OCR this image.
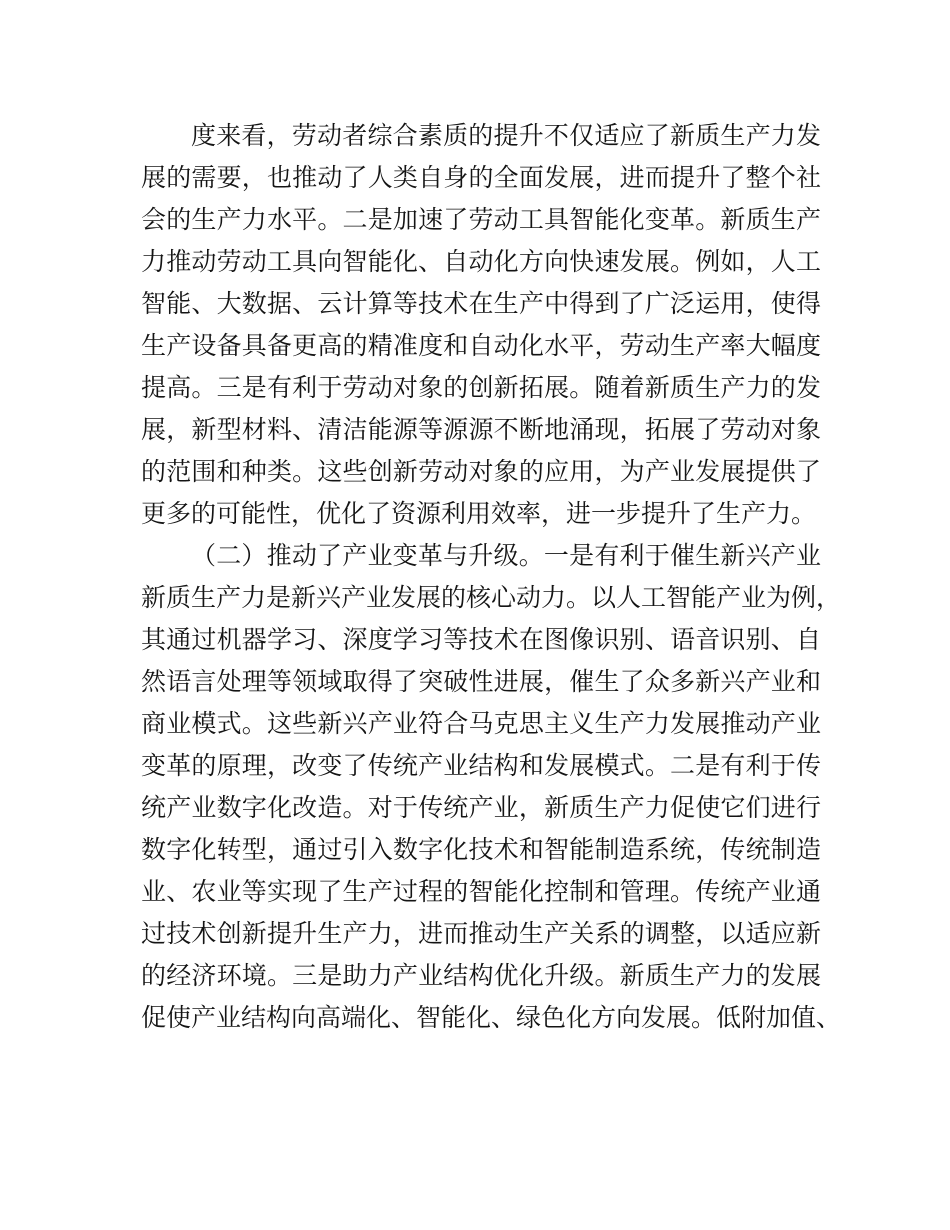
度来看，劳动者综合素质的提升不仅适应了新质生产力发
展的需要，也推动了人类自身的全面发展，进而提升了整个社
会的生产力水平。二是加速了劳动工具智能化变革。新质生产
力推动劳动工具向智能化、自动化方向快速发展。例如，人工
智能、大数据、云计算等技术在生产中得到了广泛运用，使得
生产设备具备更高的精准度和自动化水平，劳动生产率大幅度
提高。三是有利于劳动对象的创新拓展。随着新质生产力的发
展，新型材料、清洁能源等源源不断地涌现，拓展了劳动对象
的范围和种类。这些创新劳动对象的应用，为产业发展提供了
更多的可能性，优化了资源利用效率，进一步提升了生产力。
（二）推动了产业变革与升级。一是有利于催生新兴产业
新质生产力是新兴产业发展的核心动力。以人工智能产业为例，
其通过机器学习、深度学习等技术在图像识别、语音识别、自
然语言处理等领域取得了突破性进展，催生了众多新兴产业和
商业模式。这些新兴产业符合马克思主义生产力发展推动产业
变革的原理，改变了传统产业结构和发展模式。二是有利于传
统产业数字化改造。对于传统产业，新质生产力促使它们进行
数字化转型，通过引入数字化技术和智能制造系统，传统制造
业、农业等实现了生产过程的智能化控制和管理。传统产业通
过技术创新提升生产力，进而推动生产关系的调整，以适应新
的经济环境。三是助力产业结构优化升级。新质生产力的发展
促使产业结构向高端化、智能化、绿色化方向发展。低附加值、
